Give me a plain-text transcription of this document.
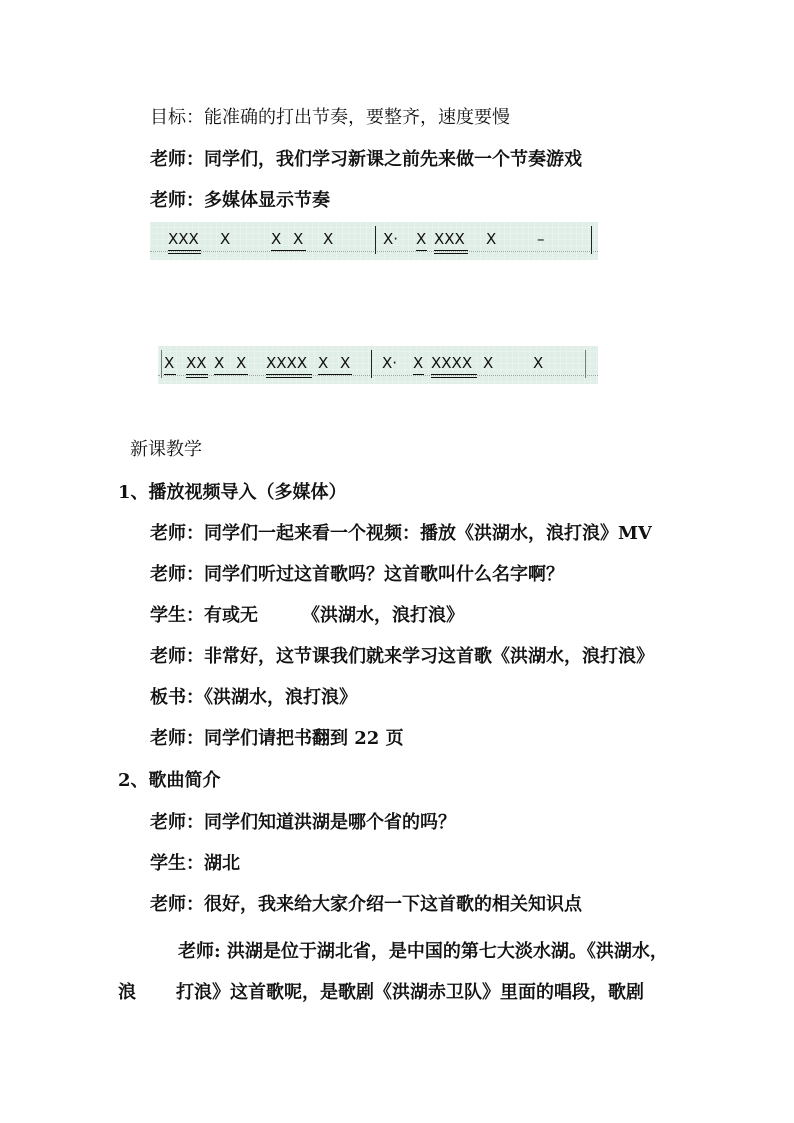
目标：能准确的打出节奏，要整齐，速度要慢
老师：同学们，我们学习新课之前先来做一个节奏游戏
老师：多媒体显示节奏
XXX X	X X X	X· X XXX X	–
X XX X X XXXX X X X· X XXXX X	X
新课教学
1、播放视频导入（多媒体）
老师：同学们一起来看一个视频：播放《洪湖水，浪打浪》MV
老师：同学们听过这首歌吗？这首歌叫什么名字啊？
学生：有或无 《洪湖水，浪打浪》
老师：非常好，这节课我们就来学习这首歌《洪湖水，浪打浪》
板书：《洪湖水，浪打浪》
老师：同学们请把书翻到 22 页
2、歌曲简介
老师：同学们知道洪湖是哪个省的吗？
学生：湖北
老师：很好，我来给大家介绍一下这首歌的相关知识点
老师: 洪湖是位于湖北省，是中国的第七大淡水湖。《洪湖水，
浪 打浪》这首歌呢，是歌剧《洪湖赤卫队》里面的唱段，歌剧
